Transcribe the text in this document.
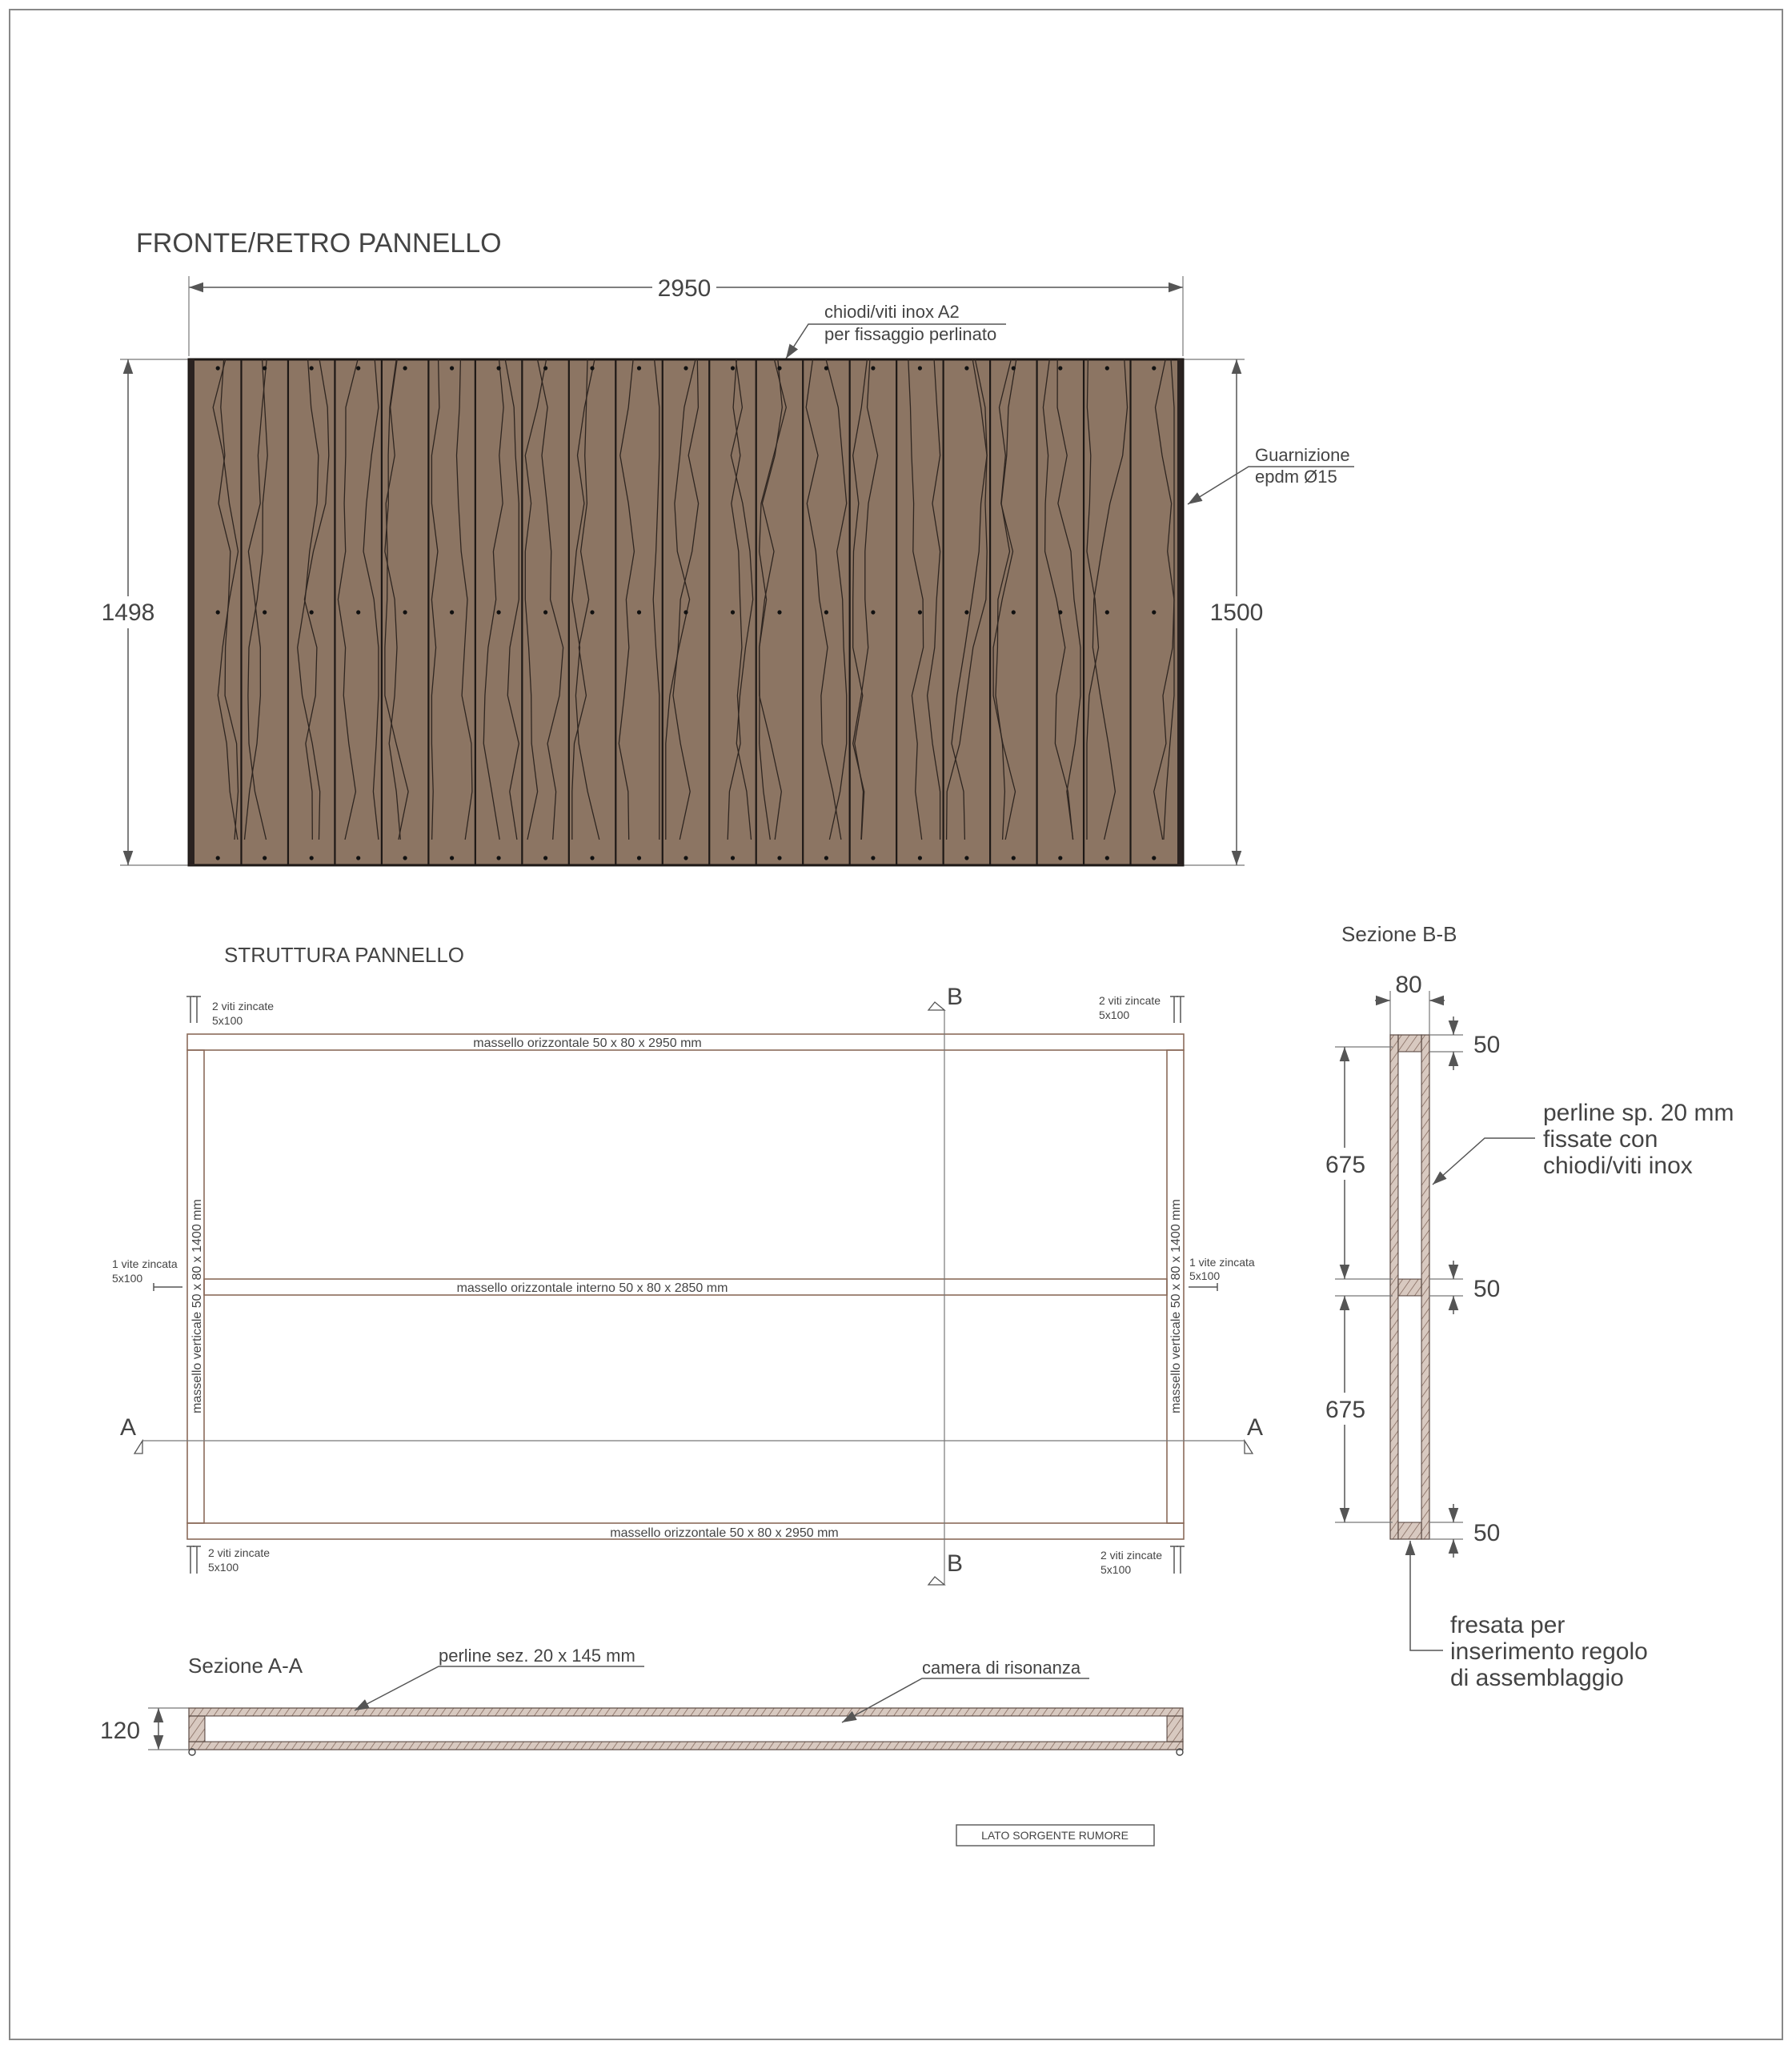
FRONTE/RETRO PANNELLO
2950
chiodi/viti inox A2
per fissaggio perlinato
1498	1500
Guarnizione
epdm Ø15
STRUTTURA PANNELLO
massello orizzontale 50 x 80 x 2950 mm
massello orizzontale interno 50 x 80 x 2850 mm
massello orizzontale 50 x 80 x 2950 mm
massello verticale 50 x 80 x 1400 mm	massello verticale 50 x 80 x 1400 mm
A	A
B
B
2 viti zincate
5x100
2 viti zincate
5x100
2 viti zincate
5x100
2 viti zincate
5x100
1 vite zincata
5x100
1 vite zincata
5x100
Sezione A-A
120
perline sez. 20 x 145 mm
camera di risonanza
LATO SORGENTE RUMORE
Sezione B-B
80
675
675
50
50
50
perline sp. 20 mm
fissate con
chiodi/viti inox
fresata per
inserimento regolo
di assemblaggio
